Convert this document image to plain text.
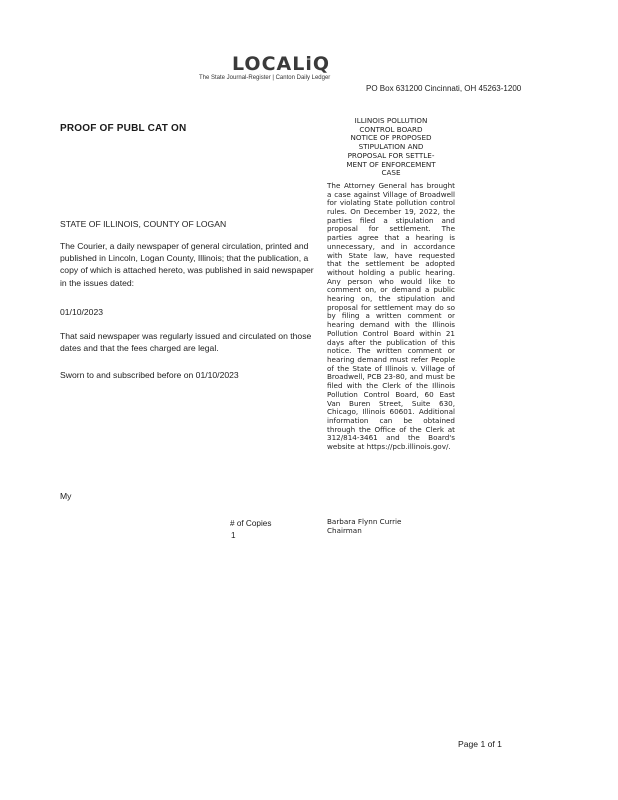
LOCALiQ
The State Journal-Register | Canton Daily Ledger
PO Box 631200 Cincinnati, OH 45263-1200
PROOF OF PUBL CAT ON
STATE OF ILLINOIS, COUNTY OF LOGAN
The Courier, a daily newspaper of general circulation, printed and published in Lincoln, Logan County, Illinois; that the publication, a copy of which is attached hereto, was published in said newspaper in the issues dated:
01/10/2023
That said newspaper was regularly issued and circulated on those dates and that the fees charged are legal.
Sworn to and subscribed before on 01/10/2023
My
# of Copies
1
ILLINOIS POLLUTION
CONTROL BOARD
NOTICE OF PROPOSED
STIPULATION AND
PROPOSAL FOR SETTLE-
MENT OF ENFORCEMENT
CASE
The Attorney General has brought a case against Village of Broadwell for violating State pollution control rules. On December 19, 2022, the parties filed a stipulation and proposal for settlement. The parties agree that a hearing is unnecessary, and in accordance with State law, have requested that the settlement be adopted without holding a public hearing. Any person who would like to comment on, or demand a public hearing on, the stipulation and proposal for settlement may do so by filing a written comment or hearing demand with the Illinois Pollution Control Board within 21 days after the publication of this notice. The written comment or hearing demand must refer People of the State of Illinois v. Village of Broadwell, PCB 23-80, and must be filed with the Clerk of the Illinois Pollution Control Board, 60 East Van Buren Street, Suite 630, Chicago, Illinois 60601. Additional information can be obtained through the Office of the Clerk at 312/814-3461 and the Board's website at https://pcb.illinois.gov/.
Barbara Flynn Currie
Chairman
Page 1 of 1
